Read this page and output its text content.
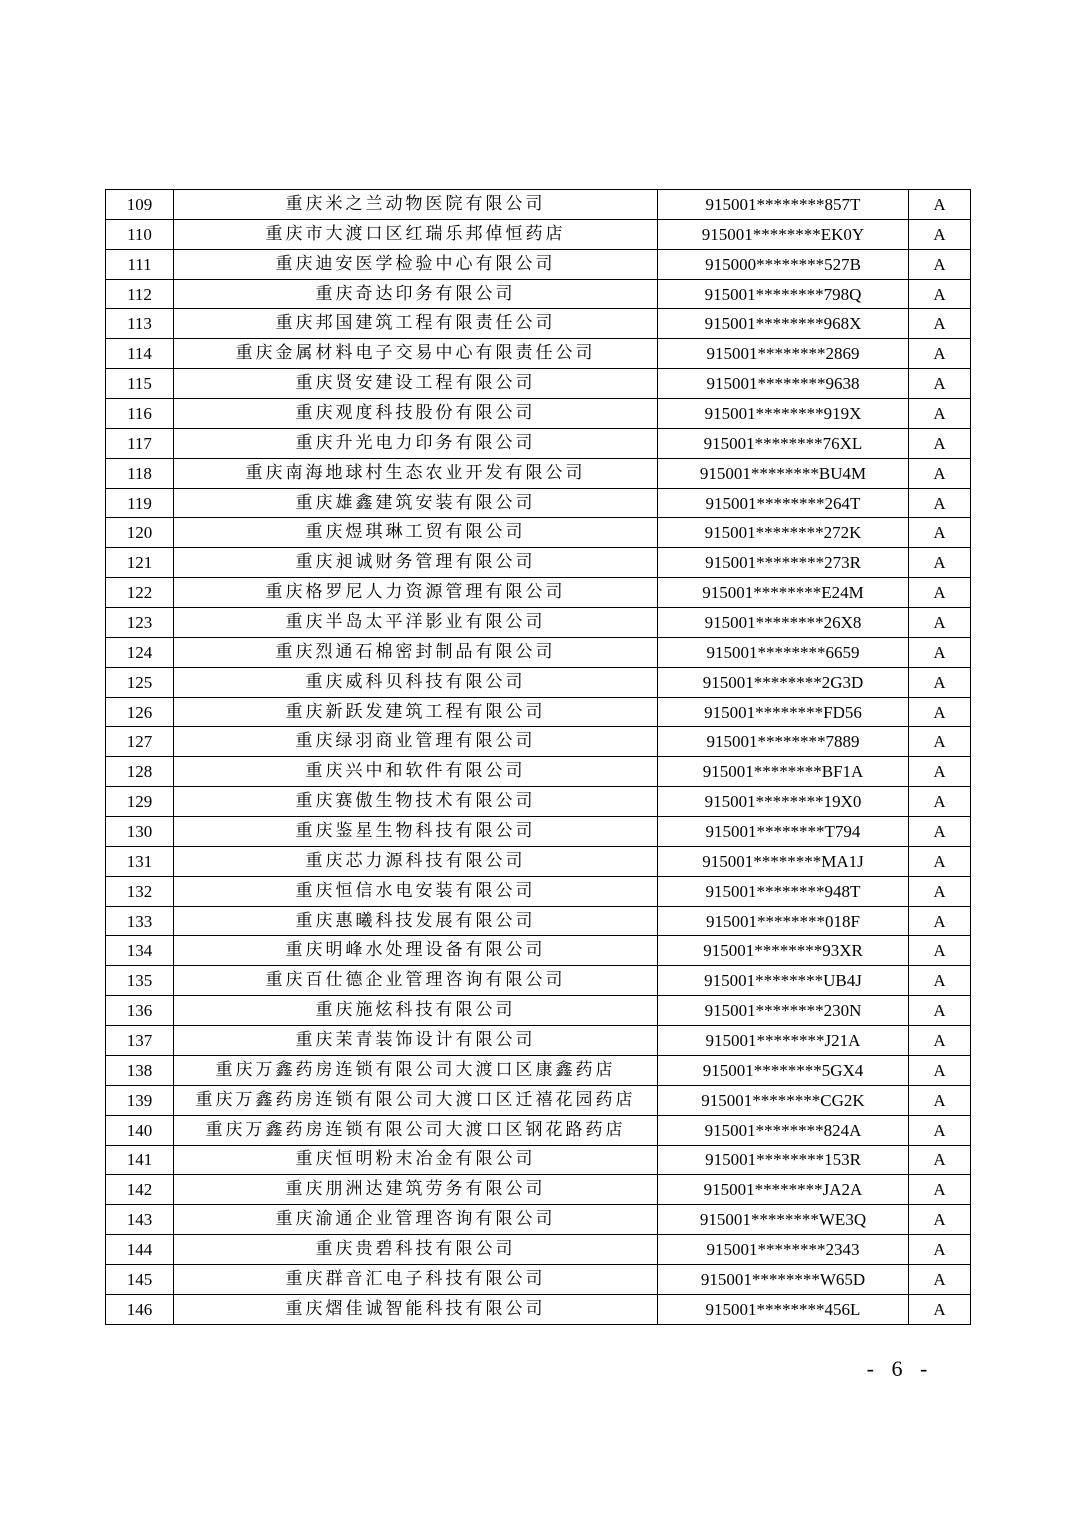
109	重庆米之兰动物医院有限公司	915001********857T	A
110	重庆市大渡口区红瑞乐邦倬恒药店	915001********EK0Y	A
111	重庆迪安医学检验中心有限公司	915000********527B	A
112	重庆奇达印务有限公司	915001********798Q	A
113	重庆邦国建筑工程有限责任公司	915001********968X	A
114	重庆金属材料电子交易中心有限责任公司	915001********2869	A
115	重庆贤安建设工程有限公司	915001********9638	A
116	重庆观度科技股份有限公司	915001********919X	A
117	重庆升光电力印务有限公司	915001********76XL	A
118	重庆南海地球村生态农业开发有限公司	915001********BU4M	A
119	重庆雄鑫建筑安装有限公司	915001********264T	A
120	重庆煜琪琳工贸有限公司	915001********272K	A
121	重庆昶诚财务管理有限公司	915001********273R	A
122	重庆格罗尼人力资源管理有限公司	915001********E24M	A
123	重庆半岛太平洋影业有限公司	915001********26X8	A
124	重庆烈通石棉密封制品有限公司	915001********6659	A
125	重庆威科贝科技有限公司	915001********2G3D	A
126	重庆新跃发建筑工程有限公司	915001********FD56	A
127	重庆绿羽商业管理有限公司	915001********7889	A
128	重庆兴中和软件有限公司	915001********BF1A	A
129	重庆赛傲生物技术有限公司	915001********19X0	A
130	重庆鉴星生物科技有限公司	915001********T794	A
131	重庆芯力源科技有限公司	915001********MA1J	A
132	重庆恒信水电安装有限公司	915001********948T	A
133	重庆惠曦科技发展有限公司	915001********018F	A
134	重庆明峰水处理设备有限公司	915001********93XR	A
135	重庆百仕德企业管理咨询有限公司	915001********UB4J	A
136	重庆施炫科技有限公司	915001********230N	A
137	重庆茉青装饰设计有限公司	915001********J21A	A
138	重庆万鑫药房连锁有限公司大渡口区康鑫药店	915001********5GX4	A
139	重庆万鑫药房连锁有限公司大渡口区迁禧花园药店	915001********CG2K	A
140	重庆万鑫药房连锁有限公司大渡口区钢花路药店	915001********824A	A
141	重庆恒明粉末冶金有限公司	915001********153R	A
142	重庆朋洲达建筑劳务有限公司	915001********JA2A	A
143	重庆渝通企业管理咨询有限公司	915001********WE3Q	A
144	重庆贵碧科技有限公司	915001********2343	A
145	重庆群音汇电子科技有限公司	915001********W65D	A
146	重庆熠佳诚智能科技有限公司	915001********456L	A
- 6 -
